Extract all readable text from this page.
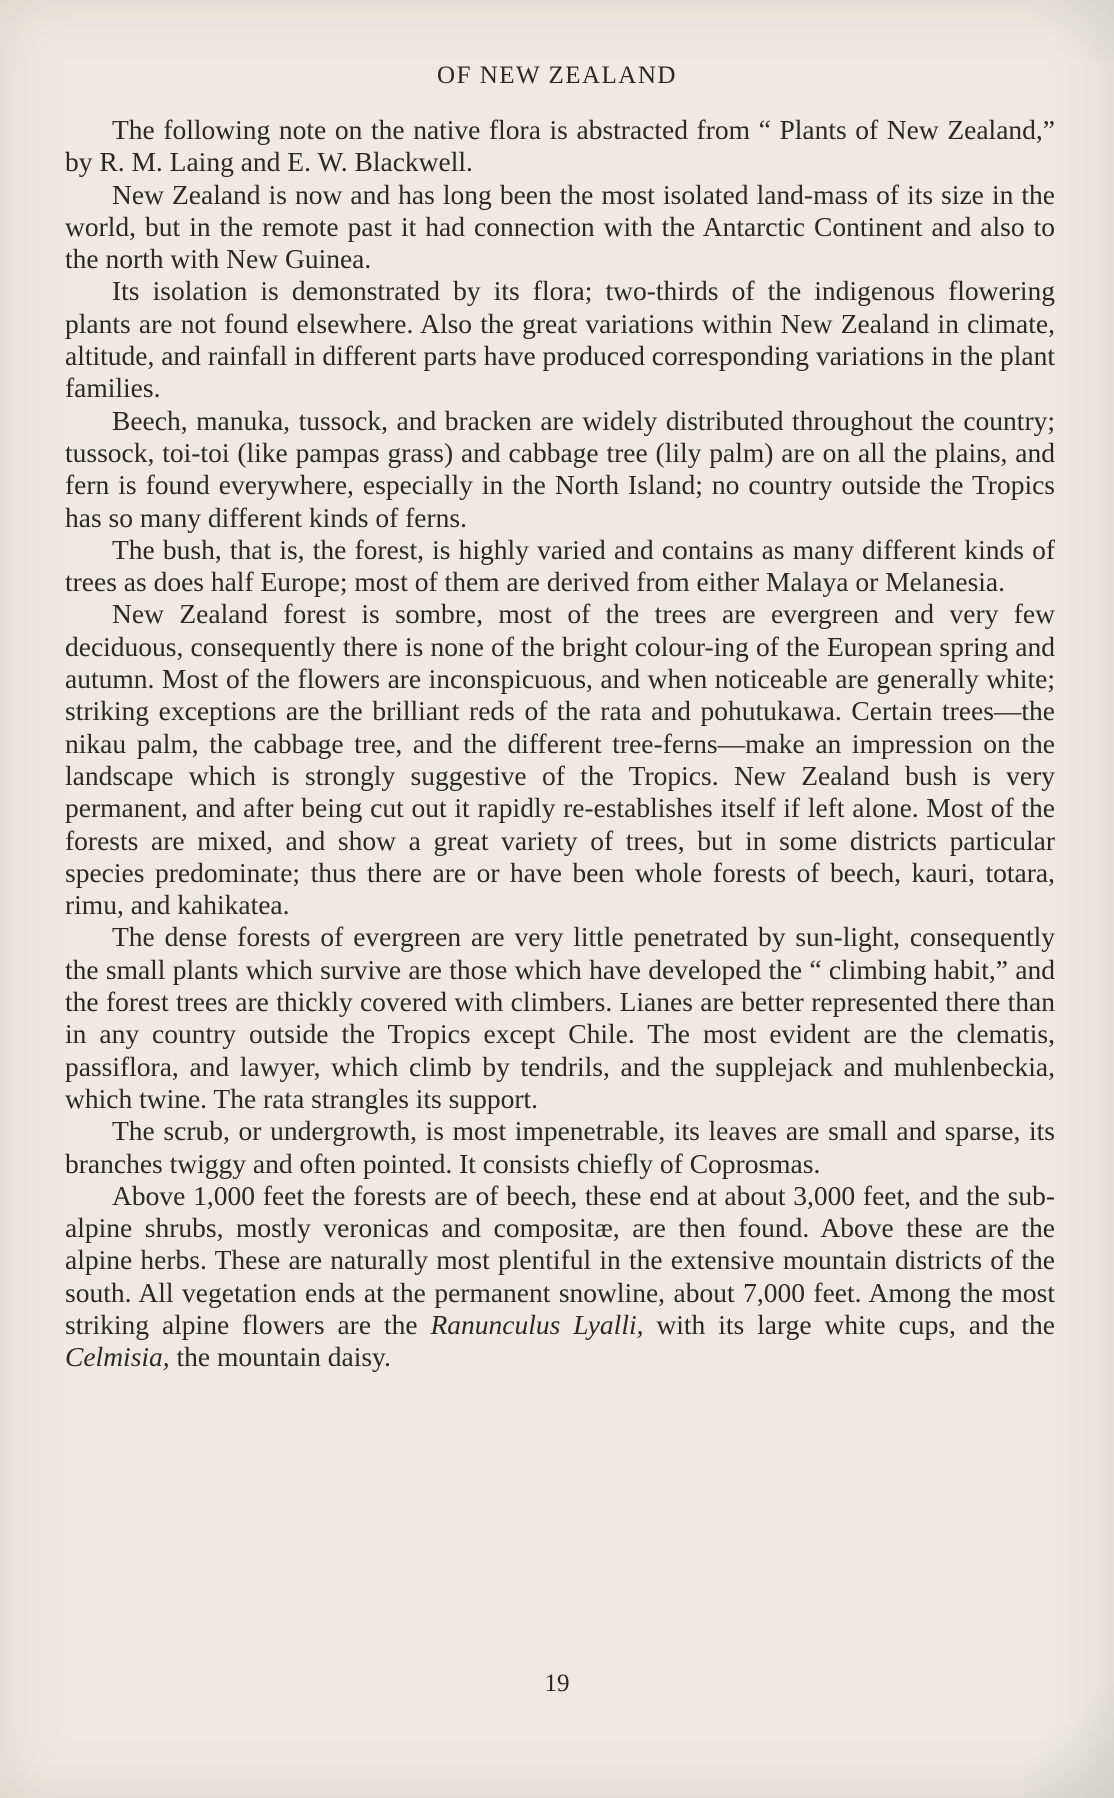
OF NEW ZEALAND

The following note on the native flora is abstracted from “ Plants of New Zealand,” by R. M. Laing and E. W. Blackwell.

New Zealand is now and has long been the most isolated land-mass of its size in the world, but in the remote past it had connection with the Antarctic Continent and also to the north with New Guinea.

Its isolation is demonstrated by its flora; two-thirds of the indigenous flowering plants are not found elsewhere. Also the great variations within New Zealand in climate, altitude, and rainfall in different parts have produced corresponding variations in the plant families.

Beech, manuka, tussock, and bracken are widely distributed throughout the country; tussock, toi-toi (like pampas grass) and cabbage tree (lily palm) are on all the plains, and fern is found everywhere, especially in the North Island; no country outside the Tropics has so many different kinds of ferns.

The bush, that is, the forest, is highly varied and contains as many different kinds of trees as does half Europe; most of them are derived from either Malaya or Melanesia.

New Zealand forest is sombre, most of the trees are evergreen and very few deciduous, consequently there is none of the bright colour-ing of the European spring and autumn. Most of the flowers are inconspicuous, and when noticeable are generally white; striking exceptions are the brilliant reds of the rata and pohutukawa. Certain trees—the nikau palm, the cabbage tree, and the different tree-ferns—make an impression on the landscape which is strongly suggestive of the Tropics. New Zealand bush is very permanent, and after being cut out it rapidly re-establishes itself if left alone. Most of the forests are mixed, and show a great variety of trees, but in some districts particular species predominate; thus there are or have been whole forests of beech, kauri, totara, rimu, and kahikatea.

The dense forests of evergreen are very little penetrated by sun-light, consequently the small plants which survive are those which have developed the “ climbing habit,” and the forest trees are thickly covered with climbers. Lianes are better represented there than in any country outside the Tropics except Chile. The most evident are the clematis, passiflora, and lawyer, which climb by tendrils, and the supplejack and muhlenbeckia, which twine. The rata strangles its support.

The scrub, or undergrowth, is most impenetrable, its leaves are small and sparse, its branches twiggy and often pointed. It consists chiefly of Coprosmas.

Above 1,000 feet the forests are of beech, these end at about 3,000 feet, and the sub-alpine shrubs, mostly veronicas and compositæ, are then found. Above these are the alpine herbs. These are naturally most plentiful in the extensive mountain districts of the south. All vegetation ends at the permanent snowline, about 7,000 feet. Among the most striking alpine flowers are the Ranunculus Lyalli, with its large white cups, and the Celmisia, the mountain daisy.

19
